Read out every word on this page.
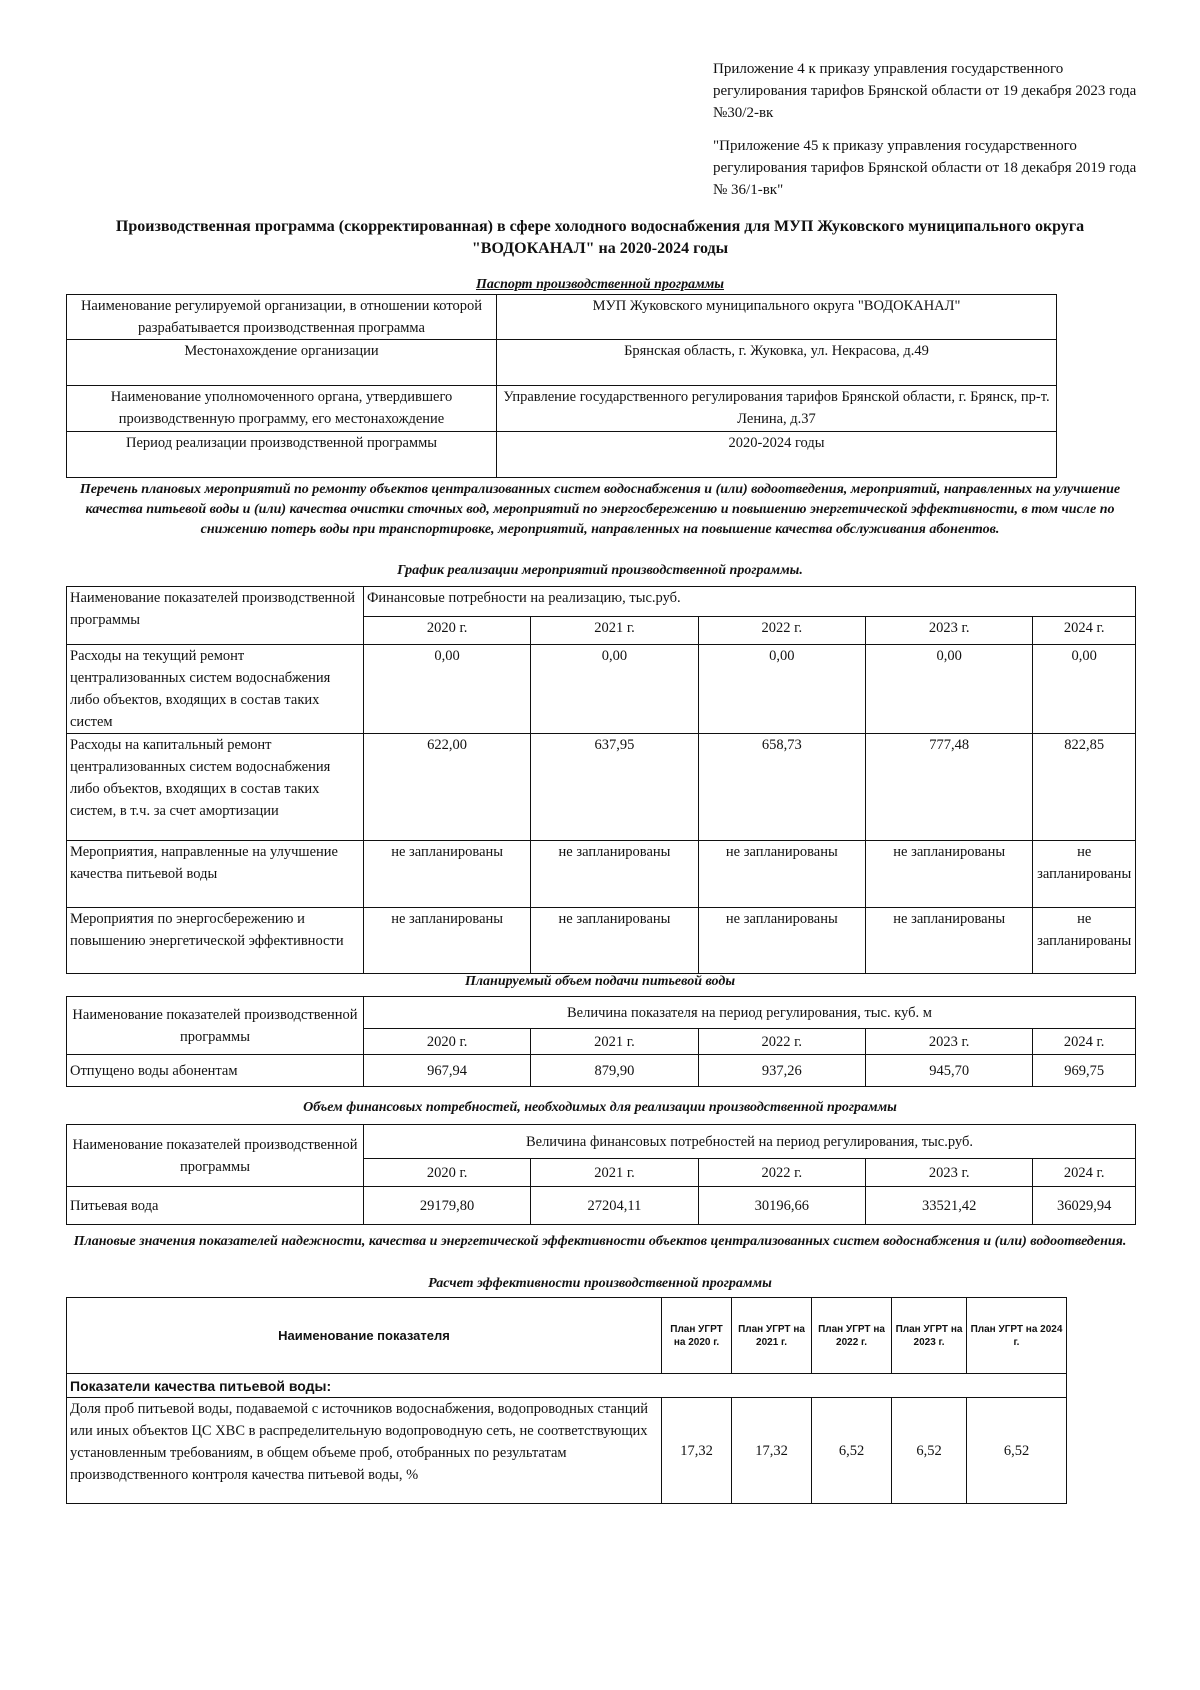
Приложение 4 к приказу управления государственного регулирования тарифов Брянской области от 19 декабря 2023 года №30/2-вк
"Приложение 45 к приказу управления государственного регулирования тарифов Брянской области от 18 декабря 2019 года № 36/1-вк"
Производственная программа (скорректированная) в сфере холодного водоснабжения для МУП Жуковского муниципального округа "ВОДОКАНАЛ" на 2020-2024 годы
Паспорт производственной программы
Наименование регулируемой организации, в отношении которой разрабатывается производственная программа	МУП Жуковского муниципального округа "ВОДОКАНАЛ"
Местонахождение организации	Брянская область, г. Жуковка, ул. Некрасова, д.49
Наименование уполномоченного органа, утвердившего производственную программу, его местонахождение	Управление государственного регулирования тарифов Брянской области, г. Брянск, пр-т. Ленина, д.37
Период реализации производственной программы	2020-2024 годы
Перечень плановых мероприятий по ремонту объектов централизованных систем водоснабжения и (или) водоотведения, мероприятий, направленных на улучшение качества питьевой воды и (или) качества очистки сточных вод, мероприятий по энергосбережению и повышению энергетической эффективности, в том числе по снижению потерь воды при транспортировке, мероприятий, направленных на повышение качества обслуживания абонентов.
График реализации мероприятий производственной программы.
Наименование показателей производственной программы	Финансовые потребности на реализацию, тыс.руб.				
	2020 г.	2021 г.	2022 г.	2023 г.	2024 г.
Расходы на текущий ремонт централизованных систем водоснабжения либо объектов, входящих в состав таких систем	0,00	0,00	0,00	0,00	0,00
Расходы на капитальный ремонт централизованных систем водоснабжения либо объектов, входящих в состав таких систем, в т.ч. за счет амортизации	622,00	637,95	658,73	777,48	822,85
Мероприятия, направленные на улучшение качества питьевой воды	не запланированы	не запланированы	не запланированы	не запланированы	не запланированы
Мероприятия по энергосбережению и повышению энергетической эффективности	не запланированы	не запланированы	не запланированы	не запланированы	не запланированы
Планируемый объем подачи питьевой воды
Наименование показателей производственной программы	Величина показателя на период регулирования, тыс. куб. м				
	2020 г.	2021 г.	2022 г.	2023 г.	2024 г.
Отпущено воды абонентам	967,94	879,90	937,26	945,70	969,75
Объем финансовых потребностей, необходимых для реализации производственной программы
Наименование показателей производственной программы	Величина финансовых потребностей на период регулирования, тыс.руб.				
	2020 г.	2021 г.	2022 г.	2023 г.	2024 г.
Питьевая вода	29179,80	27204,11	30196,66	33521,42	36029,94
Плановые значения показателей надежности, качества и энергетической эффективности объектов централизованных систем водоснабжения и (или) водоотведения.
Расчет эффективности производственной программы
Наименование показателя	План УГРТ на 2020 г.	План УГРТ на 2021 г.	План УГРТ на 2022 г.	План УГРТ на 2023 г.	План УГРТ на 2024 г.
Показатели качества питьевой воды:					
Доля проб питьевой воды, подаваемой с источников водоснабжения, водопроводных станций или иных объектов ЦС ХВС в распределительную водопроводную сеть, не соответствующих установленным требованиям, в общем объеме проб, отобранных по результатам производственного контроля качества питьевой воды, %	17,32	17,32	6,52	6,52	6,52
